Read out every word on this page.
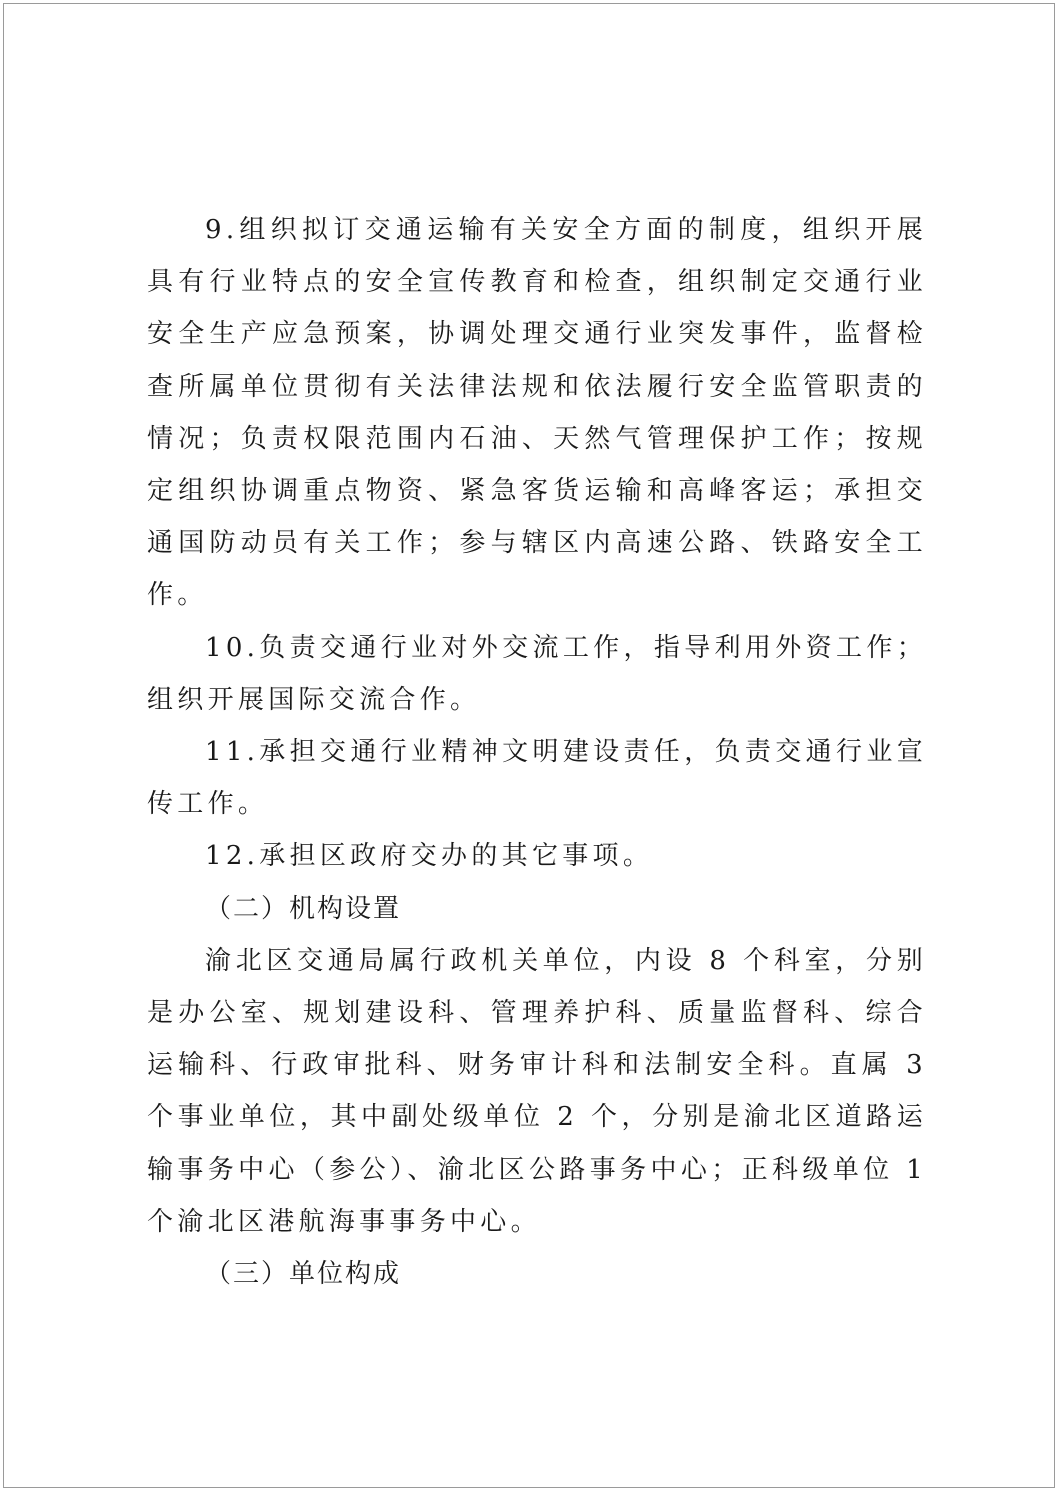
9.组织拟订交通运输有关安全方面的制度，组织开展具有行业特点的安全宣传教育和检查，组织制定交通行业安全生产应急预案，协调处理交通行业突发事件，监督检查所属单位贯彻有关法律法规和依法履行安全监管职责的情况；负责权限范围内石油、天然气管理保护工作；按规定组织协调重点物资、紧急客货运输和高峰客运；承担交通国防动员有关工作；参与辖区内高速公路、铁路安全工作。

10.负责交通行业对外交流工作，指导利用外资工作；组织开展国际交流合作。

11.承担交通行业精神文明建设责任，负责交通行业宣传工作。

12.承担区政府交办的其它事项。

（二）机构设置

渝北区交通局属行政机关单位，内设 8 个科室，分别是办公室、规划建设科、管理养护科、质量监督科、综合运输科、行政审批科、财务审计科和法制安全科。直属 3 个事业单位，其中副处级单位 2 个，分别是渝北区道路运输事务中心（参公）、渝北区公路事务中心；正科级单位 1 个渝北区港航海事事务中心。

（三）单位构成
